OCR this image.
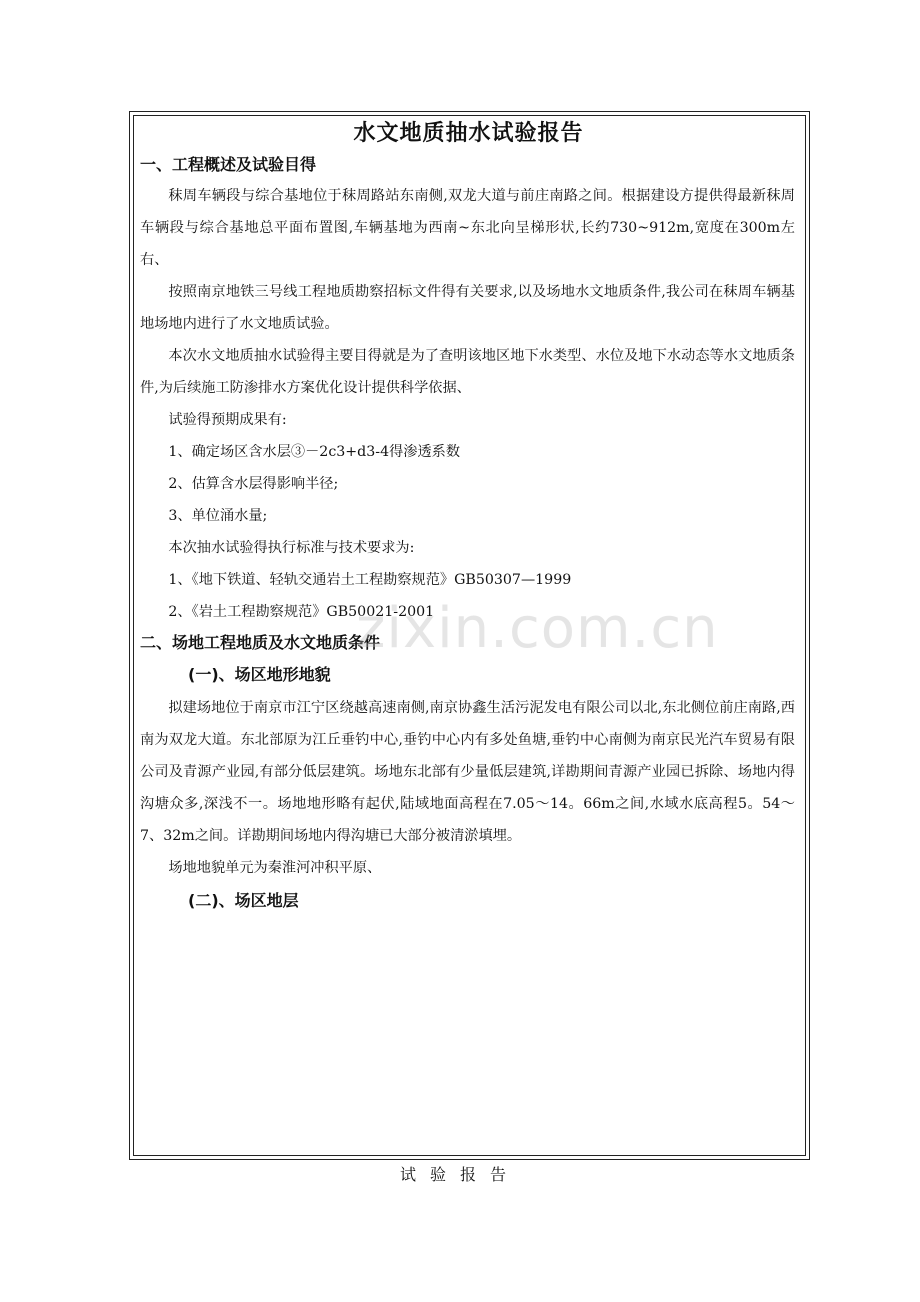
水文地质抽水试验报告
一、工程概述及试验目得

秣周车辆段与综合基地位于秣周路站东南侧,双龙大道与前庄南路之间。根据建设方提供得最新秣周车辆段与综合基地总平面布置图,车辆基地为西南~东北向呈梯形状,长约730~912m,宽度在300m左右、

按照南京地铁三号线工程地质勘察招标文件得有关要求,以及场地水文地质条件,我公司在秣周车辆基地场地内进行了水文地质试验。

本次水文地质抽水试验得主要目得就是为了查明该地区地下水类型、水位及地下水动态等水文地质条件,为后续施工防渗排水方案优化设计提供科学依据、

试验得预期成果有:

1、确定场区含水层③－2c3+d3-4得渗透系数

2、估算含水层得影响半径;

3、单位涌水量;

本次抽水试验得执行标准与技术要求为:

1、《地下铁道、轻轨交通岩土工程勘察规范》GB50307—1999

2、《岩土工程勘察规范》GB50021-2001

二、场地工程地质及水文地质条件
(一)、场区地形地貌

拟建场地位于南京市江宁区绕越高速南侧,南京协鑫生活污泥发电有限公司以北,东北侧位前庄南路,西南为双龙大道。东北部原为江丘垂钓中心,垂钓中心内有多处鱼塘,垂钓中心南侧为南京民光汽车贸易有限公司及青源产业园,有部分低层建筑。场地东北部有少量低层建筑,详勘期间青源产业园已拆除、场地内得沟塘众多,深浅不一。场地地形略有起伏,陆域地面高程在7.05～14。66m之间,水域水底高程5。54～7、32m之间。详勘期间场地内得沟塘已大部分被清淤填埋。

场地地貌单元为秦淮河冲积平原、

(二)、场区地层
zixin.com.cn
试验报告
